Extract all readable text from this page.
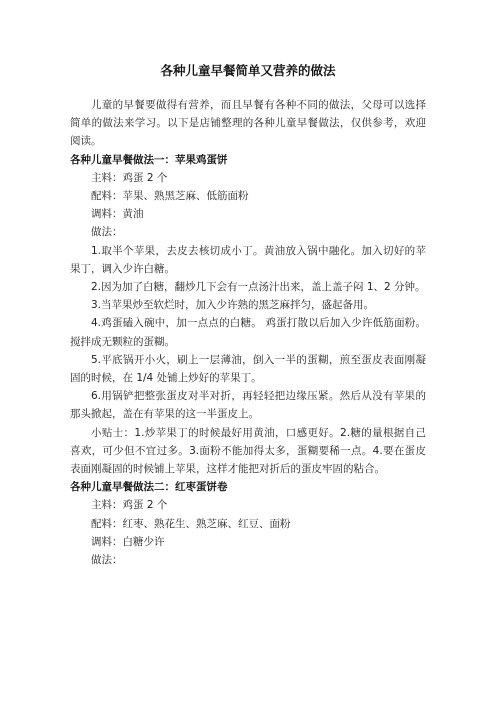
各种儿童早餐简单又营养的做法

儿童的早餐要做得有营养，而且早餐有各种不同的做法，父母可以选择简单的做法来学习。以下是店铺整理的各种儿童早餐做法，仅供参考，欢迎阅读。

各种儿童早餐做法一：苹果鸡蛋饼

主料：鸡蛋 2 个

配料：苹果、熟黑芝麻、低筋面粉

调料：黄油

做法：

1.取半个苹果，去皮去核切成小丁。黄油放入锅中融化。加入切好的苹果丁，调入少许白糖。

2.因为加了白糖，翻炒几下会有一点汤汁出来，盖上盖子闷 1、2 分钟。

3.当苹果炒至软烂时，加入少许熟的黑芝麻拌匀，盛起备用。

4.鸡蛋磕入碗中，加一点点的白糖。 鸡蛋打散以后加入少许低筋面粉。搅拌成无颗粒的蛋糊。

5.平底锅开小火，刷上一层薄油，倒入一半的蛋糊，煎至蛋皮表面刚凝固的时候，在 1/4 处铺上炒好的苹果丁。

6.用锅铲把整张蛋皮对半对折，再轻轻把边缘压紧。然后从没有苹果的那头掀起，盖在有苹果的这一半蛋皮上。

小贴士：1.炒苹果丁的时候最好用黄油，口感更好。2.糖的量根据自己喜欢，可少但不宜过多。3.面粉不能加得太多，蛋糊要稀一点。4.要在蛋皮表面刚凝固的时候铺上苹果，这样才能把对折后的蛋皮牢固的粘合。

各种儿童早餐做法二：红枣蛋饼卷

主料：鸡蛋 2 个

配料：红枣、熟花生、熟芝麻、红豆、面粉

调料：白糖少许

做法：
